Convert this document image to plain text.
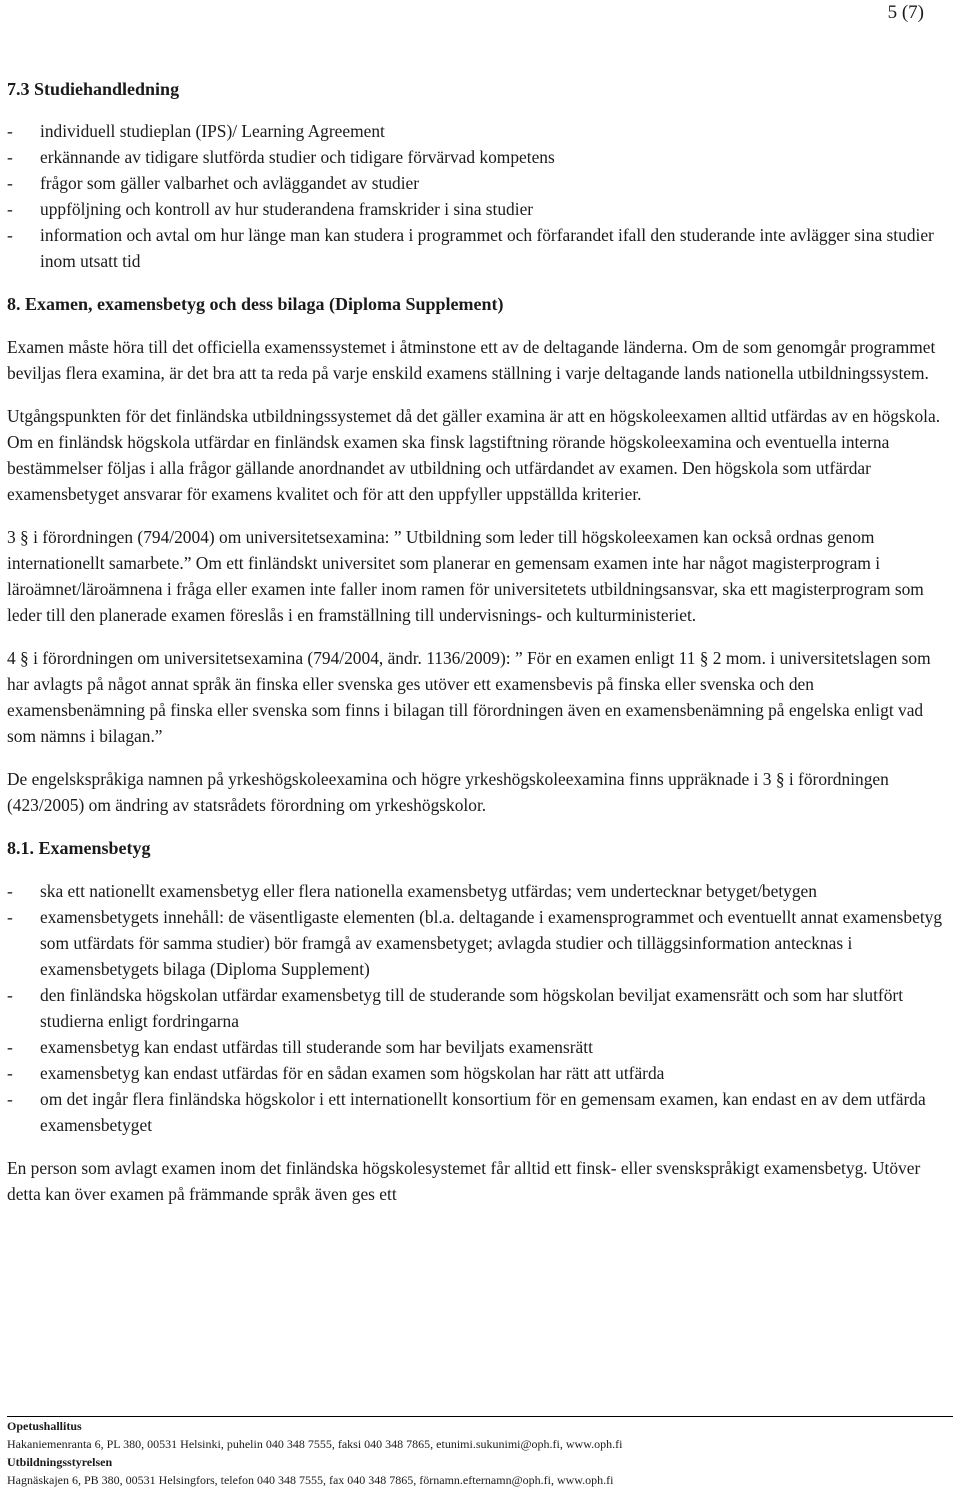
5 (7)
7.3 Studiehandledning
- individuell studieplan (IPS)/ Learning Agreement
- erkännande av tidigare slutförda studier och tidigare förvärvad kompetens
- frågor som gäller valbarhet och avläggandet av studier
- uppföljning och kontroll av hur studerandena framskrider i sina studier
- information och avtal om hur länge man kan studera i programmet och förfarandet ifall den studerande inte avlägger sina studier inom utsatt tid
8. Examen, examensbetyg och dess bilaga (Diploma Supplement)

Examen måste höra till det officiella examenssystemet i åtminstone ett av de deltagande länderna. Om de som genomgår programmet beviljas flera examina, är det bra att ta reda på varje enskild examens ställning i varje deltagande lands nationella utbildningssystem.

Utgångspunkten för det finländska utbildningssystemet då det gäller examina är att en högskoleexamen alltid utfärdas av en högskola. Om en finländsk högskola utfärdar en finländsk examen ska finsk lagstiftning rörande högskoleexamina och eventuella interna bestämmelser följas i alla frågor gällande anordnandet av utbildning och utfärdandet av examen. Den högskola som utfärdar examensbetyget ansvarar för examens kvalitet och för att den uppfyller uppställda kriterier.

3 § i förordningen (794/2004) om universitetsexamina: ” Utbildning som leder till högskoleexamen kan också ordnas genom internationellt samarbete.” Om ett finländskt universitet som planerar en gemensam examen inte har något magisterprogram i läroämnet/läroämnena i fråga eller examen inte faller inom ramen för universitetets utbildningsansvar, ska ett magisterprogram som leder till den planerade examen föreslås i en framställning till undervisnings- och kulturministeriet.

4 § i förordningen om universitetsexamina (794/2004, ändr. 1136/2009): ” För en examen enligt 11 § 2 mom. i universitetslagen som har avlagts på något annat språk än finska eller svenska ges utöver ett examensbevis på finska eller svenska och den examensbenämning på finska eller svenska som finns i bilagan till förordningen även en examensbenämning på engelska enligt vad som nämns i bilagan.”

De engelskspråkiga namnen på yrkeshögskoleexamina och högre yrkeshögskoleexamina finns uppräknade i 3 § i förordningen (423/2005) om ändring av statsrådets förordning om yrkeshögskolor.

8.1. Examensbetyg
- ska ett nationellt examensbetyg eller flera nationella examensbetyg utfärdas; vem undertecknar betyget/betygen
- examensbetygets innehåll: de väsentligaste elementen (bl.a. deltagande i examensprogrammet och eventuellt annat examensbetyg som utfärdats för samma studier) bör framgå av examensbetyget; avlagda studier och tilläggsinformation antecknas i examensbetygets bilaga (Diploma Supplement)
- den finländska högskolan utfärdar examensbetyg till de studerande som högskolan beviljat examensrätt och som har slutfört studierna enligt fordringarna
- examensbetyg kan endast utfärdas till studerande som har beviljats examensrätt
- examensbetyg kan endast utfärdas för en sådan examen som högskolan har rätt att utfärda
- om det ingår flera finländska högskolor i ett internationellt konsortium för en gemensam examen, kan endast en av dem utfärda examensbetyget

En person som avlagt examen inom det finländska högskolesystemet får alltid ett finsk- eller svenskspråkigt examensbetyg. Utöver detta kan över examen på främmande språk även ges ett

Opetushallitus
Hakaniemenranta 6, PL 380, 00531 Helsinki, puhelin 040 348 7555, faksi 040 348 7865, etunimi.sukunimi@oph.fi, www.oph.fi
Utbildningsstyrelsen
Hagnäskajen 6, PB 380, 00531 Helsingfors, telefon 040 348 7555, fax 040 348 7865, förnamn.efternamn@oph.fi, www.oph.fi
